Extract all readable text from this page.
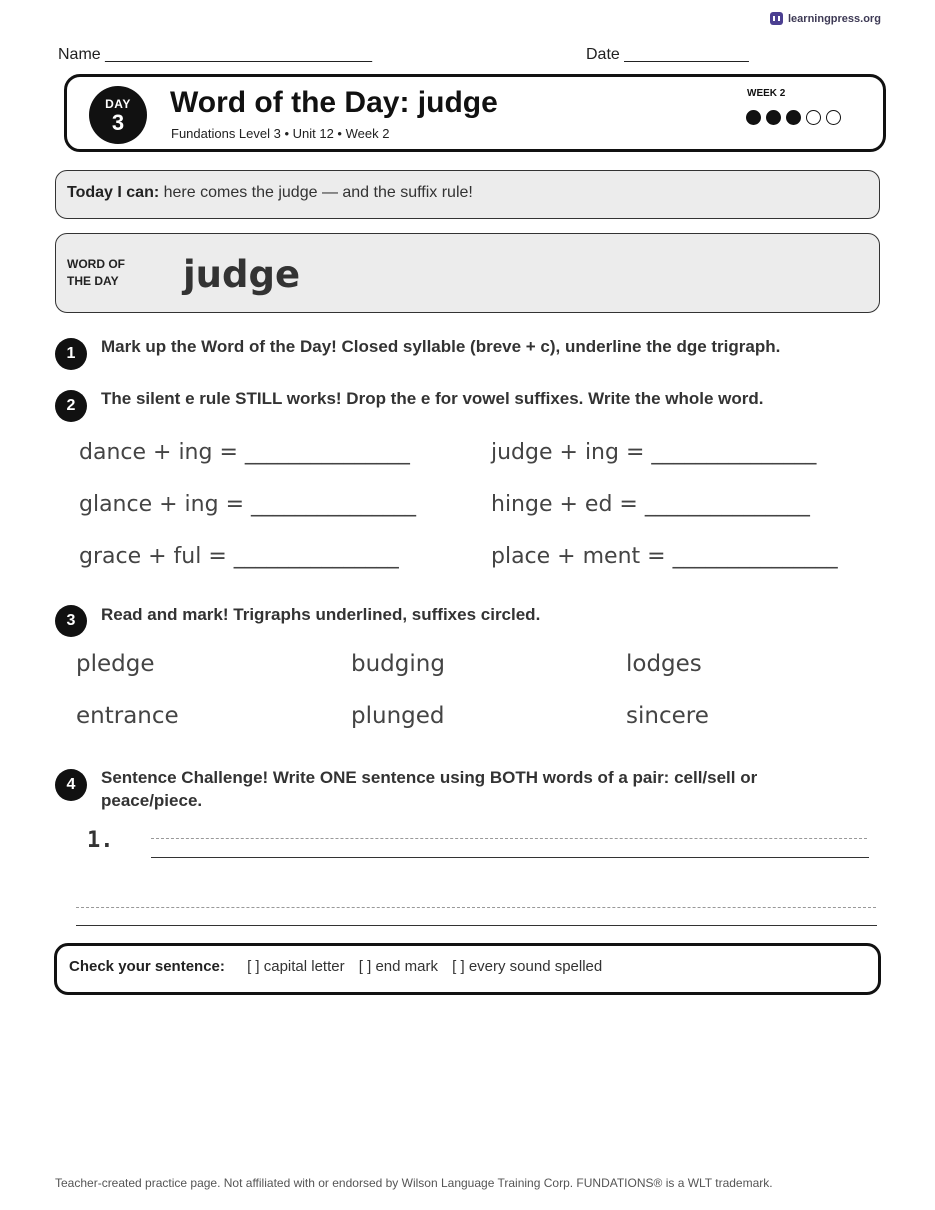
learningpress.org
Name ______________________________	Date ______________
DAY
3
Word of the Day: judge
Fundations Level 3 • Unit 12 • Week 2
WEEK 2
Today I can: here comes the judge — and the suffix rule!
WORD OF
THE DAY judge
1	Mark up the Word of the Day! Closed syllable (breve + c), underline the dge trigraph.
2	The silent e rule STILL works! Drop the e for vowel suffixes. Write the whole word.
dance + ing = _______________	judge + ing = _______________
glance + ing = _______________	hinge + ed = _______________
grace + ful = _______________	place + ment = _______________
3	Read and mark! Trigraphs underlined, suffixes circled.
pledge	budging	lodges
entrance	plunged	sincere
4	Sentence Challenge! Write ONE sentence using BOTH words of a pair: cell/sell or peace/piece.
1.
Check your sentence: [ ] capital letter [ ] end mark [ ] every sound spelled
Teacher-created practice page. Not affiliated with or endorsed by Wilson Language Training Corp. FUNDATIONS® is a WLT trademark.
